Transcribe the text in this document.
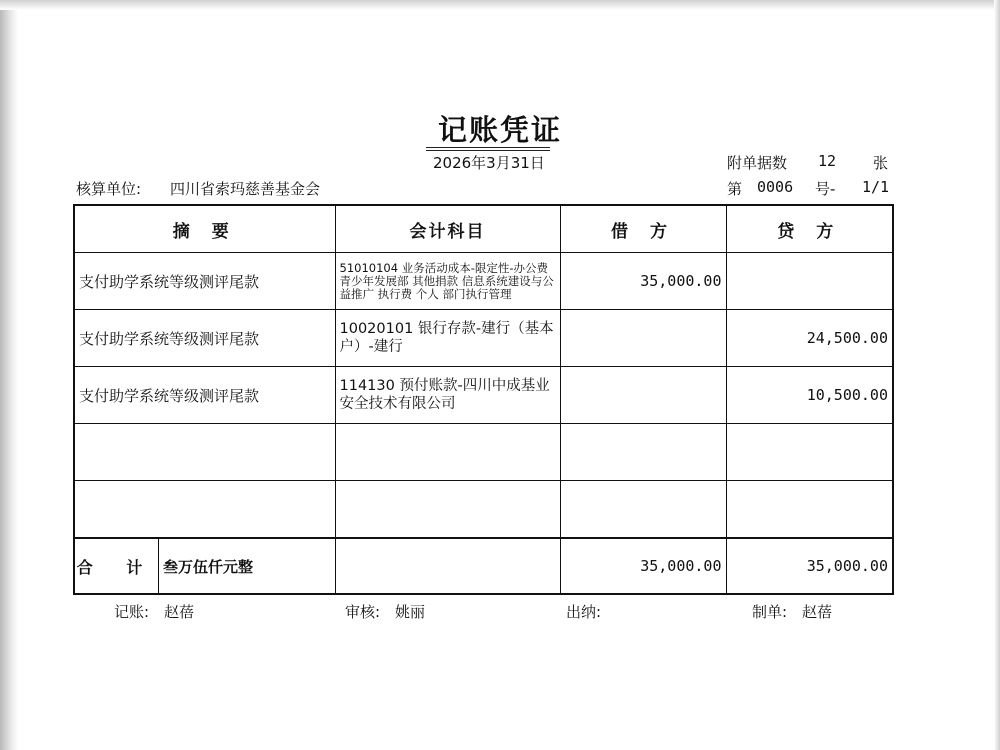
记账凭证
2026年3月31日	附单据数 12 张
核算单位: 四川省索玛慈善基金会	第 0006 号- 1/1
摘 要	会计科目	借 方	贷 方
支付助学系统等级测评尾款	51010104 业务活动成本-限定性-办公费 青少年发展部 其他捐款 信息系统建设与公益推广 执行费 个人 部门执行管理	35,000.00	
支付助学系统等级测评尾款	10020101 银行存款-建行（基本户）-建行		24,500.00
支付助学系统等级测评尾款	114130 预付账款-四川中成基业安全技术有限公司		10,500.00

合 计 叁万伍仟元整		35,000.00	35,000.00
记账: 赵蓓	审核: 姚丽	出纳:	制单: 赵蓓
